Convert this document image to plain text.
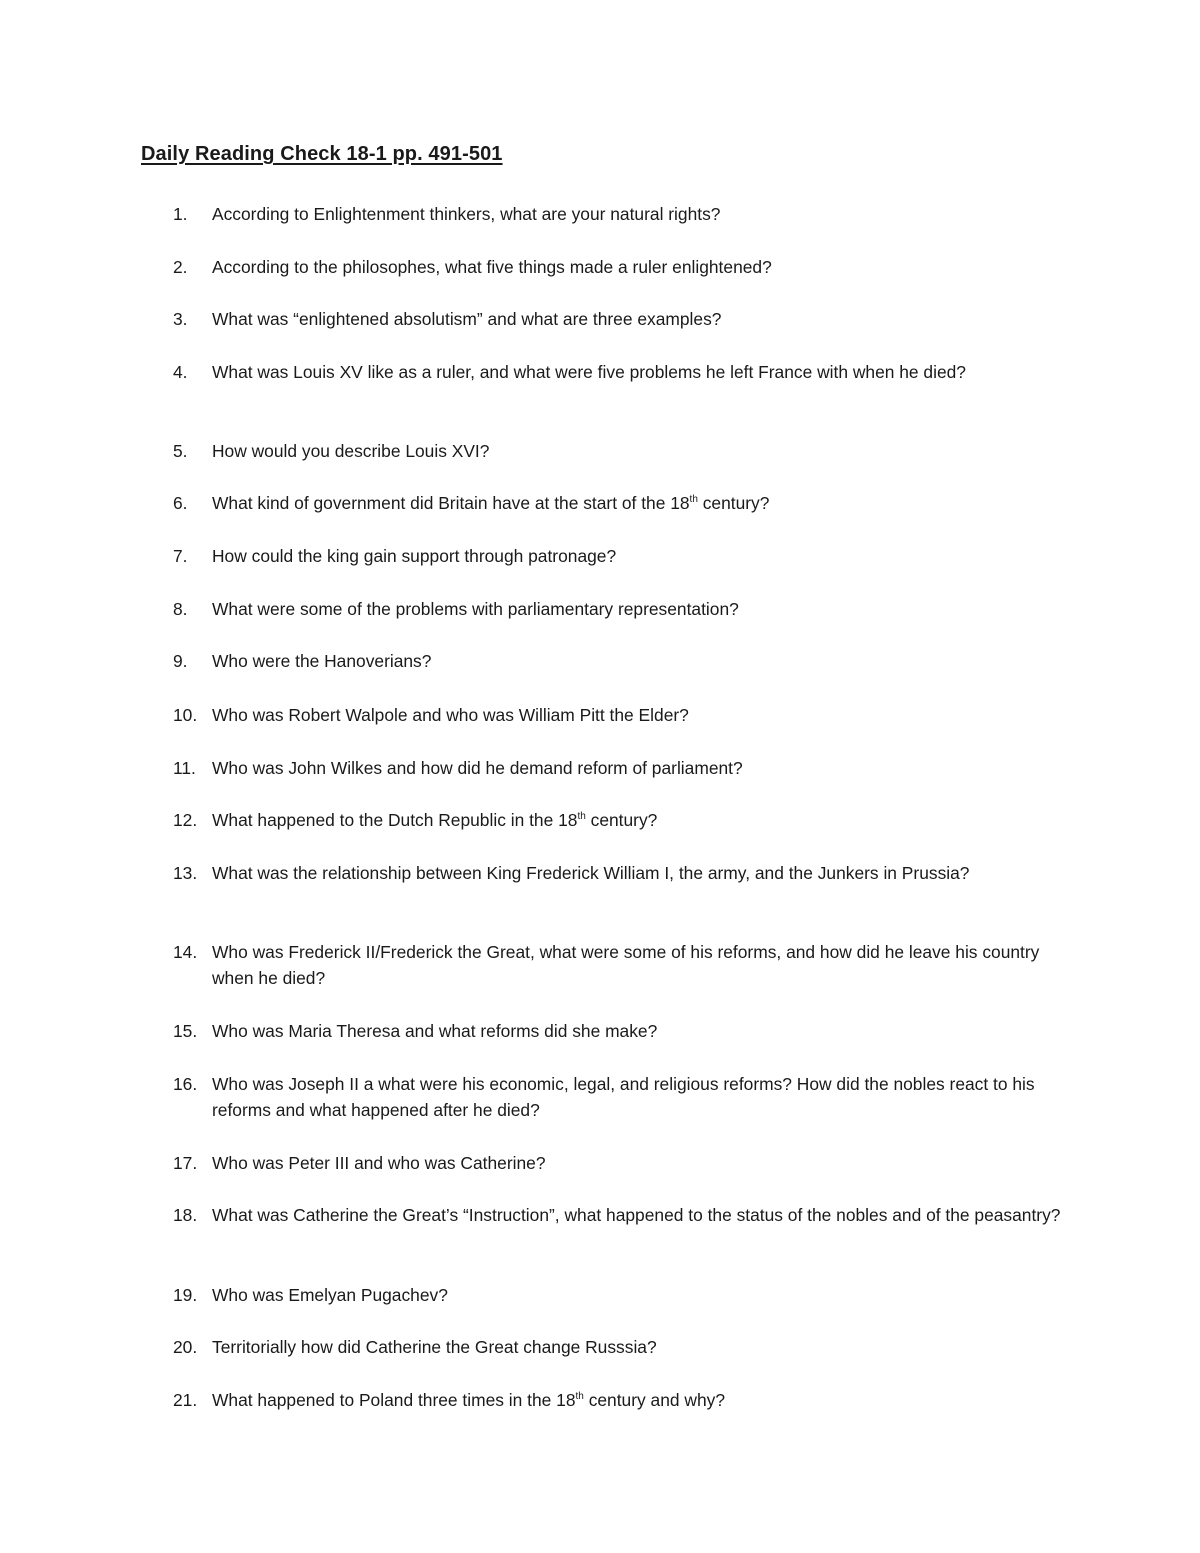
Daily Reading Check 18-1 pp. 491-501
1. According to Enlightenment thinkers, what are your natural rights?
2. According to the philosophes, what five things made a ruler enlightened?
3. What was “enlightened absolutism” and what are three examples?
4. What was Louis XV like as a ruler, and what were five problems he left France with when he died?
5. How would you describe Louis XVI?
6. What kind of government did Britain have at the start of the 18th century?
7. How could the king gain support through patronage?
8. What were some of the problems with parliamentary representation?
9. Who were the Hanoverians?
10. Who was Robert Walpole and who was William Pitt the Elder?
11. Who was John Wilkes and how did he demand reform of parliament?
12. What happened to the Dutch Republic in the 18th century?
13. What was the relationship between King Frederick William I, the army, and the Junkers in Prussia?
14. Who was Frederick II/Frederick the Great, what were some of his reforms, and how did he leave his country when he died?
15. Who was Maria Theresa and what reforms did she make?
16. Who was Joseph II a what were his economic, legal, and religious reforms? How did the nobles react to his reforms and what happened after he died?
17. Who was Peter III and who was Catherine?
18. What was Catherine the Great’s “Instruction”, what happened to the status of the nobles and of the peasantry?
19. Who was Emelyan Pugachev?
20. Territorially how did Catherine the Great change Russsia?
21. What happened to Poland three times in the 18th century and why?
